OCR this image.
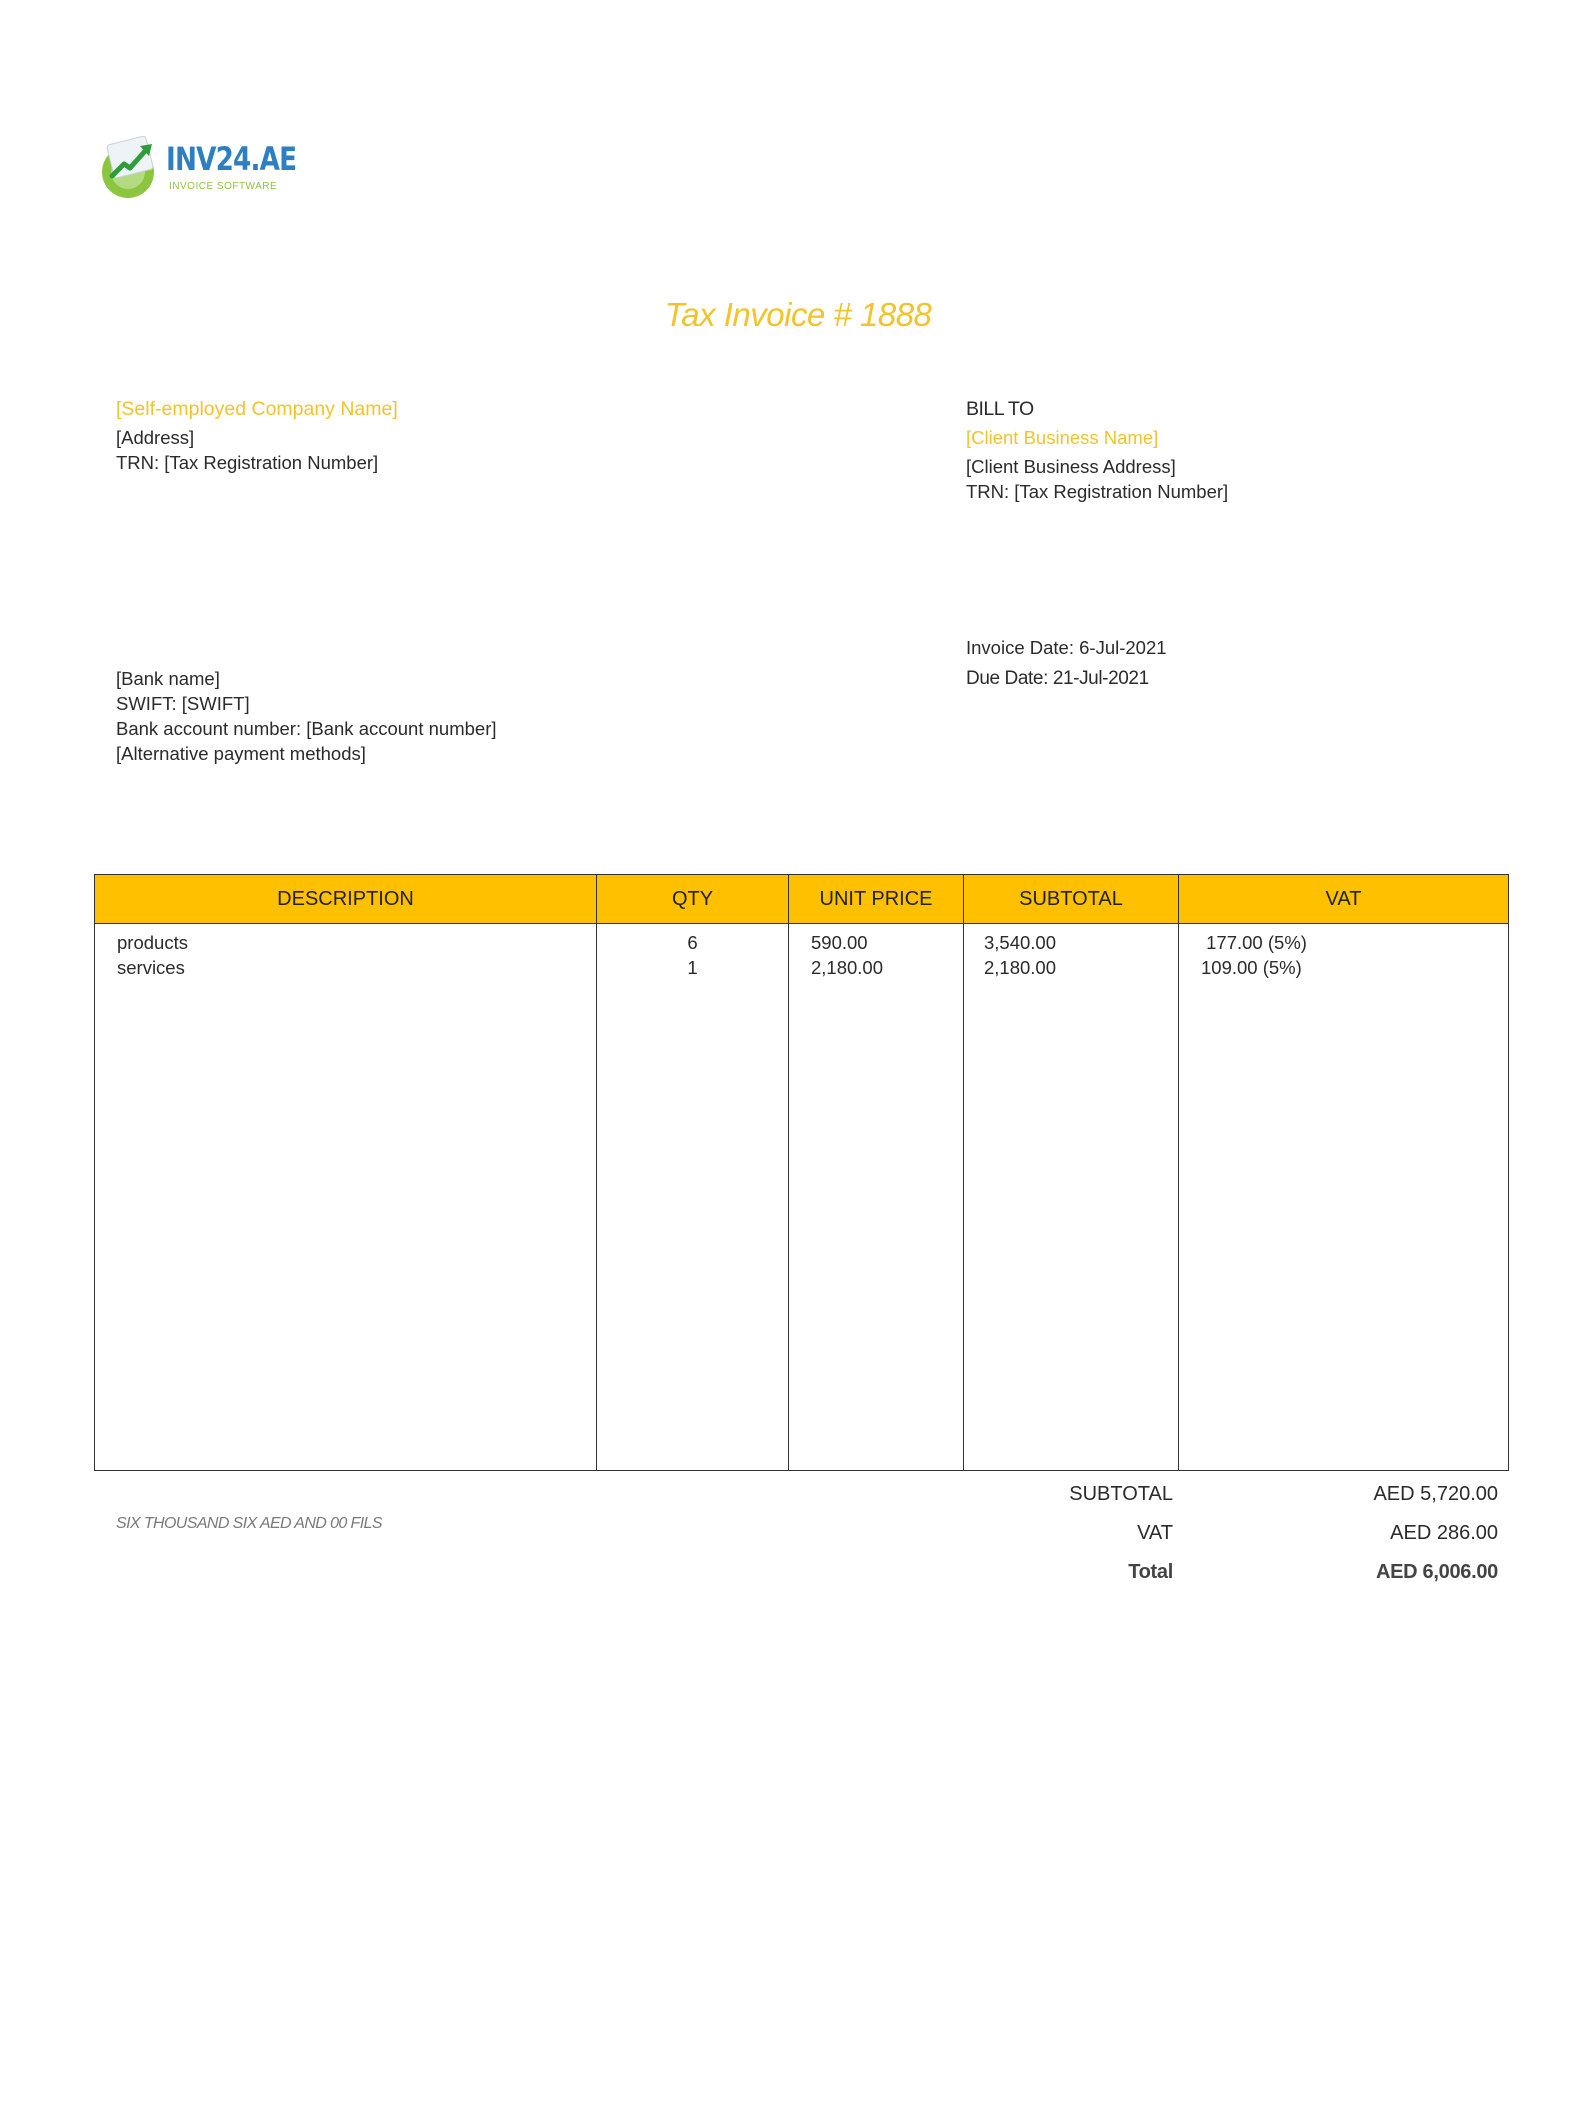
INV24.AE
INVOICE SOFTWARE
Tax Invoice # 1888
[Self-employed Company Name]
[Address]
TRN: [Tax Registration Number]
BILL TO
[Client Business Name]
[Client Business Address]
TRN: [Tax Registration Number]
Invoice Date: 6-Jul-2021
Due Date: 21-Jul-2021
[Bank name]
SWIFT: [SWIFT]
Bank account number: [Bank account number]
[Alternative payment methods]
DESCRIPTION	QTY	UNIT PRICE	SUBTOTAL	VAT
products	6	590.00	3,540.00	177.00 (5%)
services	1	2,180.00	2,180.00	109.00 (5%)

SIX THOUSAND SIX AED AND 00 FILS
SUBTOTAL	AED 5,720.00
VAT	AED 286.00
Total	AED 6,006.00
